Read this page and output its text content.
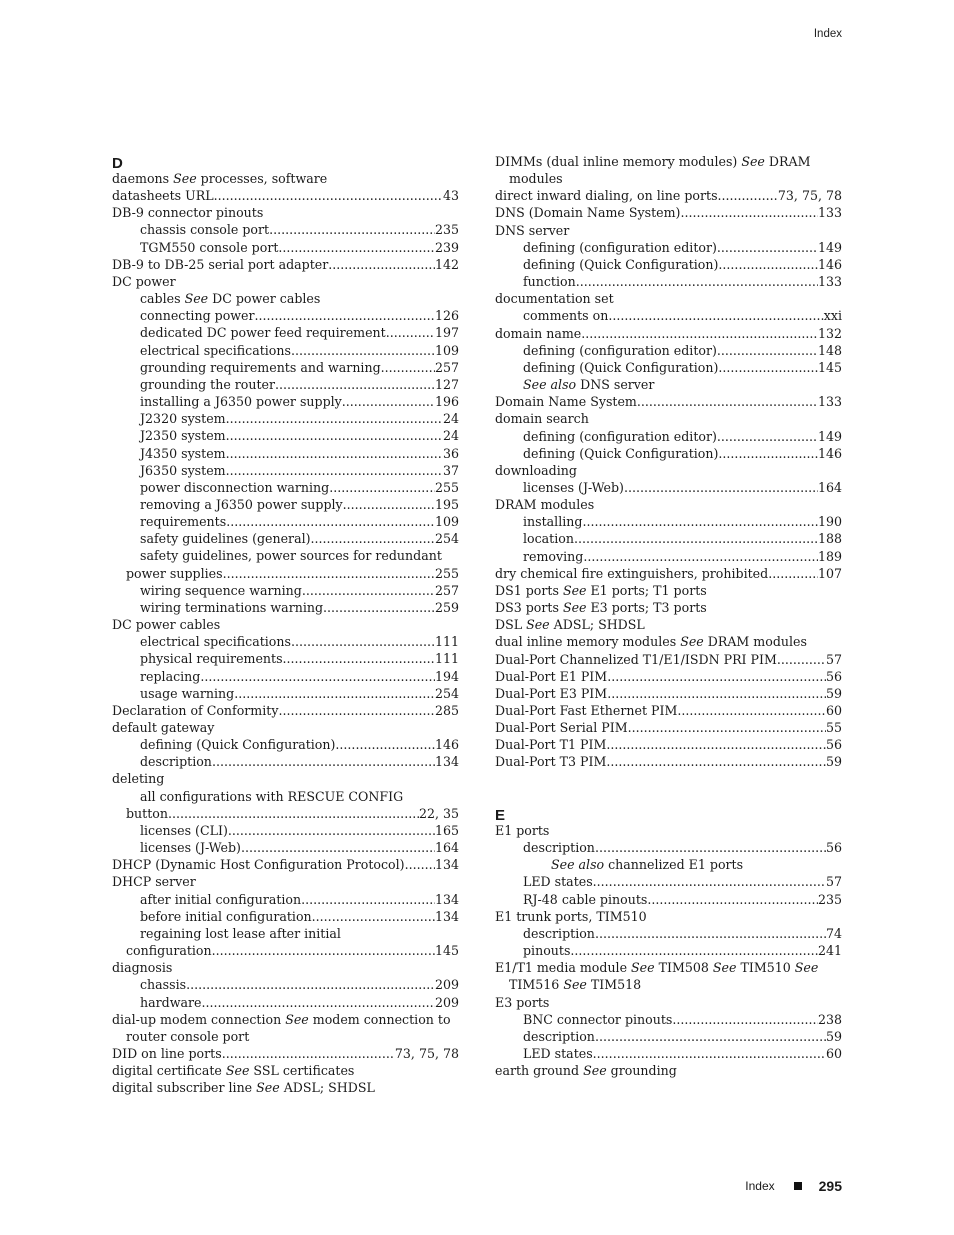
Index
D
daemons See processes, software
datasheets URL .....	43
DB-9 connector pinouts
chassis console port .....	235
TGM550 console port .....	239
DB-9 to DB-25 serial port adapter .....	142
DC power
cables See DC power cables
connecting power .....	126
dedicated DC power feed requirement .....	197
electrical specifications .....	109
grounding requirements and warning .....	257
grounding the router .....	127
installing a J6350 power supply .....	196
J2320 system .....	24
J2350 system .....	24
J4350 system .....	36
J6350 system .....	37
power disconnection warning .....	255
removing a J6350 power supply .....	195
requirements .....	109
safety guidelines (general) .....	254
safety guidelines, power sources for redundant
power supplies .....	255
wiring sequence warning .....	257
wiring terminations warning .....	259
DC power cables
electrical specifications .....	111
physical requirements .....	111
replacing .....	194
usage warning .....	254
Declaration of Conformity .....	285
default gateway
defining (Quick Configuration) .....	146
description .....	134
deleting
all configurations with RESCUE CONFIG
button .....	22, 35
licenses (CLI) .....	165
licenses (J-Web) .....	164
DHCP (Dynamic Host Configuration Protocol) ..... 134
DHCP server
after initial configuration .....	134
before initial configuration .....	134
regaining lost lease after initial
configuration .....	145
diagnosis
chassis .....	209
hardware .....	209
dial-up modem connection See modem connection to
router console port
DID on line ports .....	73, 75, 78
digital certificate See SSL certificates
digital subscriber line See ADSL; SHDSL
DIMMs (dual inline memory modules) See DRAM
modules
direct inward dialing, on line ports .....	73, 75, 78
DNS (Domain Name System) .....	133
DNS server
defining (configuration editor) .....	149
defining (Quick Configuration) .....	146
function .....	133
documentation set
comments on .....	xxi
domain name .....	132
defining (configuration editor) .....	148
defining (Quick Configuration) .....	145
See also DNS server
Domain Name System .....	133
domain search
defining (configuration editor) .....	149
defining (Quick Configuration) .....	146
downloading
licenses (J-Web) .....	164
DRAM modules
installing .....	190
location .....	188
removing .....	189
dry chemical fire extinguishers, prohibited .....	107
DS1 ports See E1 ports; T1 ports
DS3 ports See E3 ports; T3 ports
DSL See ADSL; SHDSL
dual inline memory modules See DRAM modules
Dual-Port Channelized T1/E1/ISDN PRI PIM .....	57
Dual-Port E1 PIM .....	56
Dual-Port E3 PIM .....	59
Dual-Port Fast Ethernet PIM .....	60
Dual-Port Serial PIM .....	55
Dual-Port T1 PIM .....	56
Dual-Port T3 PIM .....	59

E
E1 ports
description .....	56
See also channelized E1 ports
LED states .....	57
RJ-48 cable pinouts .....	235
E1 trunk ports, TIM510
description .....	74
pinouts .....	241
E1/T1 media module See TIM508 See TIM510 See
TIM516 See TIM518
E3 ports
BNC connector pinouts .....	238
description .....	59
LED states .....	60
earth ground See grounding
Index	295
